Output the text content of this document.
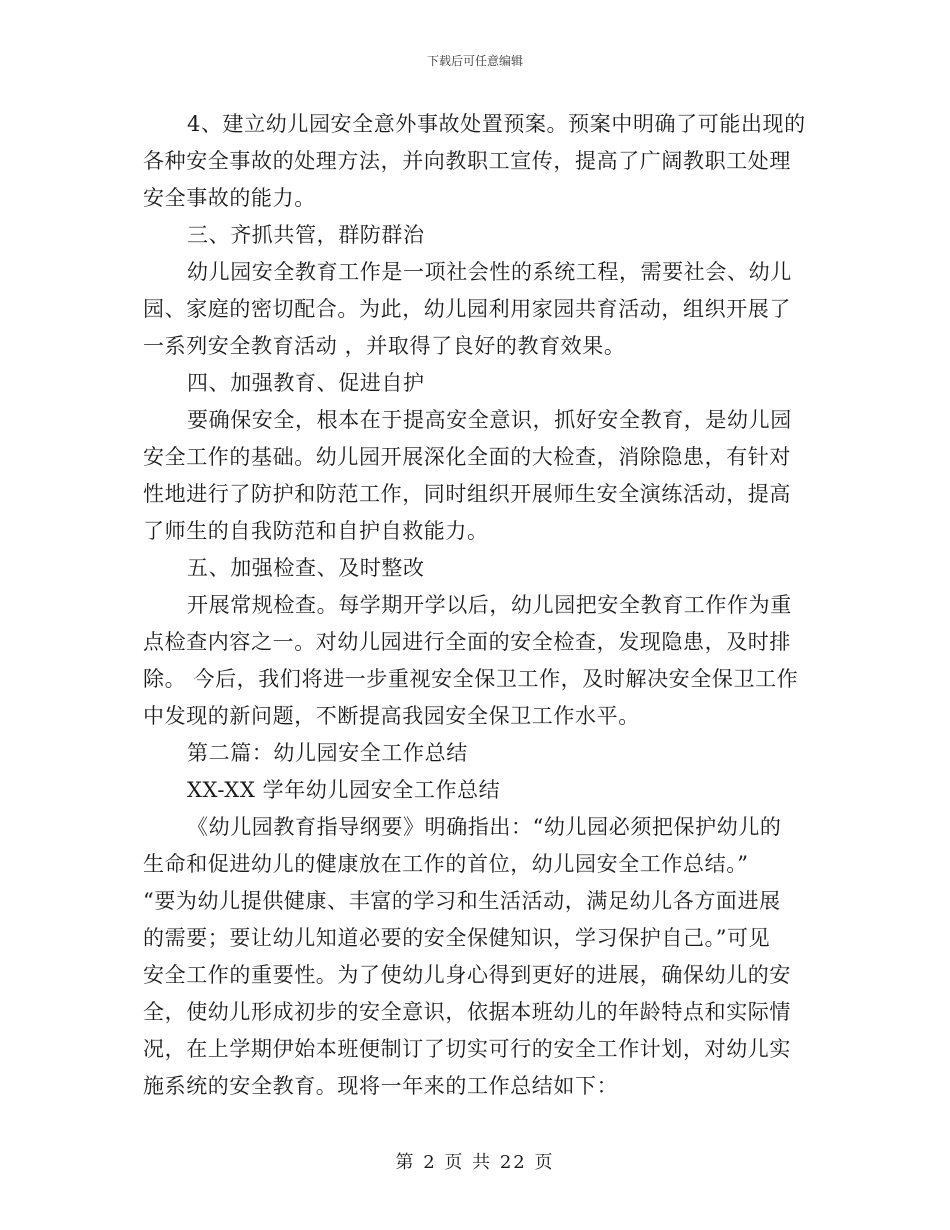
下载后可任意编辑
4、建立幼儿园安全意外事故处置预案。预案中明确了可能出现的
各种安全事故的处理方法，并向教职工宣传，提高了广阔教职工处理
安全事故的能力。
三、齐抓共管，群防群治
幼儿园安全教育工作是一项社会性的系统工程，需要社会、幼儿
园、家庭的密切配合。为此，幼儿园利用家园共育活动，组织开展了
一系列安全教育活动 ，并取得了良好的教育效果。
四、加强教育、促进自护
要确保安全，根本在于提高安全意识，抓好安全教育，是幼儿园
安全工作的基础。幼儿园开展深化全面的大检查，消除隐患，有针对
性地进行了防护和防范工作，同时组织开展师生安全演练活动，提高
了师生的自我防范和自护自救能力。
五、加强检查、及时整改
开展常规检查。每学期开学以后，幼儿园把安全教育工作作为重
点检查内容之一。对幼儿园进行全面的安全检查，发现隐患，及时排
除。 今后，我们将进一步重视安全保卫工作，及时解决安全保卫工作
中发现的新问题，不断提高我园安全保卫工作水平。
第二篇：幼儿园安全工作总结
XX-XX 学年幼儿园安全工作总结
《幼儿园教育指导纲要》明确指出：“幼儿园必须把保护幼儿的
生命和促进幼儿的健康放在工作的首位，幼儿园安全工作总结。”
“要为幼儿提供健康、丰富的学习和生活活动，满足幼儿各方面进展
的需要；要让幼儿知道必要的安全保健知识，学习保护自己。”可见
安全工作的重要性。为了使幼儿身心得到更好的进展，确保幼儿的安
全，使幼儿形成初步的安全意识，依据本班幼儿的年龄特点和实际情
况，在上学期伊始本班便制订了切实可行的安全工作计划，对幼儿实
施系统的安全教育。现将一年来的工作总结如下：
第 2 页 共 22 页
